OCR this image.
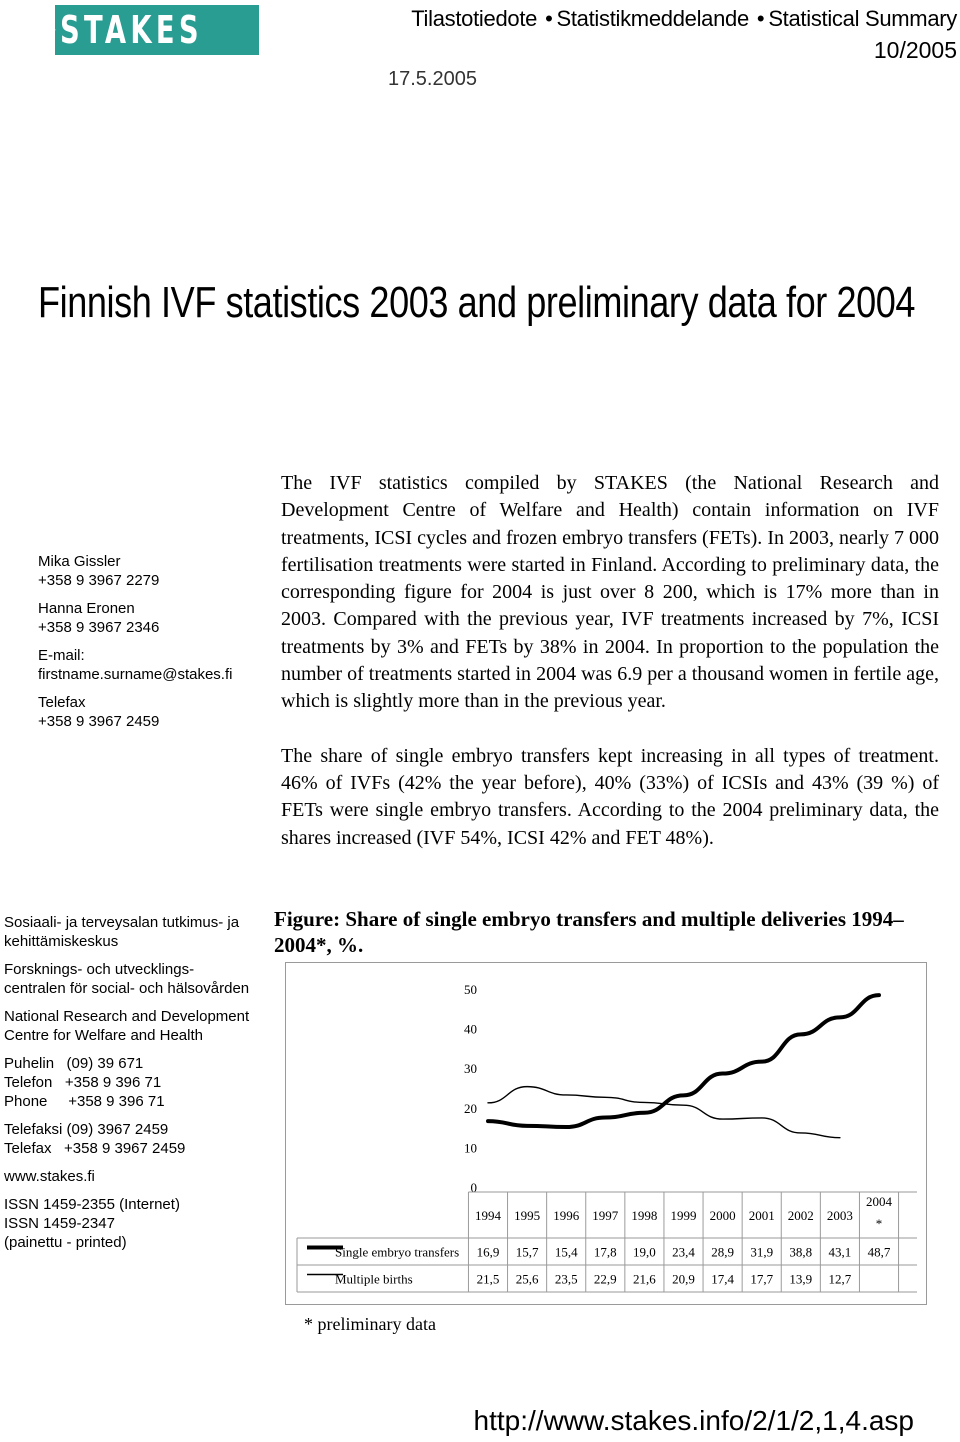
STAKES	Tilastotiedote • Statistikmeddelande • Statistical Summary
10/2005
17.5.2005
Finnish IVF statistics 2003 and preliminary data for 2004
Mika Gissler
+358 9 3967 2279
Hanna Eronen
+358 9 3967 2346
E-mail:
firstname.surname@stakes.fi
Telefax
+358 9 3967 2459

The IVF statistics compiled by STAKES (the National Research and Development Centre of Welfare and Health) contain information on IVF treatments, ICSI cycles and frozen embryo transfers (FETs). In 2003, nearly 7 000 fertilisation treatments were started in Finland. According to preliminary data, the corresponding figure for 2004 is just over 8 200, which is 17% more than in 2003. Compared with the previous year, IVF treatments increased by 7%, ICSI treatments by 3% and FETs by 38% in 2004. In proportion to the population the number of treatments started in 2004 was 6.9 per a thousand women in fertile age, which is slightly more than in the previous year.

The share of single embryo transfers kept increasing in all types of treatment. 46% of IVFs (42% the year before), 40% (33%) of ICSIs and 43% (39 %) of FETs were single embryo transfers. According to the 2004 preliminary data, the shares increased (IVF 54%, ICSI 42% and FET 48%).

Sosiaali- ja terveysalan tutkimus- ja kehittämiskeskus
Forsknings- och utvecklings-centralen för social- och hälsovården
National Research and Development Centre for Welfare and Health
Puhelin   (09) 39 671
Telefon   +358 9 396 71
Phone     +358 9 396 71
Telefaksi (09) 3967 2459
Telefax   +358 9 3967 2459
www.stakes.fi
ISSN 1459-2355 (Internet)
ISSN 1459-2347
(painettu - printed)
Figure: Share of single embryo transfers and multiple deliveries 1994–2004*, %.
0
10
20
30
40
50
1994 1995 1996 1997 1998 1999 2000 2001 2002 2003
2004
*
Single embryo transfers 16,9 15,7 15,4 17,8 19,0 23,4 28,9 31,9 38,8 43,1 48,7
Multiple births	21,5 25,6 23,5 22,9 21,6 20,9 17,4 17,7 13,9 12,7
* preliminary data
http://www.stakes.info/2/1/2,1,4.asp
